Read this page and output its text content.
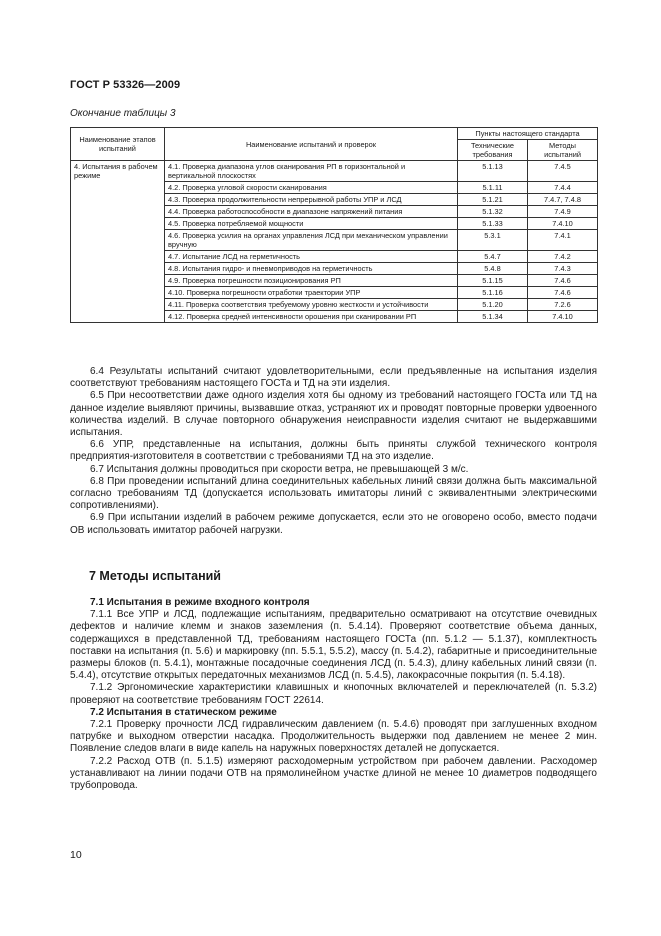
ГОСТ Р 53326—2009
Окончание таблицы 3
Наименование этапов испытаний	Наименование испытаний и проверок	Пункты настоящего стандарта	
		Технические требования	Методы испытаний
4. Испытания в рабочем режиме	4.1. Проверка диапазона углов сканирования РП в горизонтальной и вертикальной плоскостях	5.1.13	7.4.5
	4.2. Проверка угловой скорости сканирования	5.1.11	7.4.4
	4.3. Проверка продолжительности непрерывной работы УПР и ЛСД	5.1.21	7.4.7, 7.4.8
	4.4. Проверка работоспособности в диапазоне напряжений питания	5.1.32	7.4.9
	4.5. Проверка потребляемой мощности	5.1.33	7.4.10
	4.6. Проверка усилия на органах управления ЛСД при механическом управлении вручную	5.3.1	7.4.1
	4.7. Испытание ЛСД на герметичность	5.4.7	7.4.2
	4.8. Испытания гидро- и пневмоприводов на герметичность	5.4.8	7.4.3
	4.9. Проверка погрешности позиционирования РП	5.1.15	7.4.6
	4.10. Проверка погрешности отработки траектории УПР	5.1.16	7.4.6
	4.11. Проверка соответствия требуемому уровню жесткости и устойчивости	5.1.20	7.2.6
	4.12. Проверка средней интенсивности орошения при сканировании РП	5.1.34	7.4.10

6.4 Результаты испытаний считают удовлетворительными, если предъявленные на испытания изделия соответствуют требованиям настоящего ГОСТа и ТД на эти изделия.

6.5 При несоответствии даже одного изделия хотя бы одному из требований настоящего ГОСТа или ТД на данное изделие выявляют причины, вызвавшие отказ, устраняют их и проводят повторные проверки удвоенного количества изделий. В случае повторного обнаружения неисправности изделия считают не выдержавшими испытания.

6.6 УПР, представленные на испытания, должны быть приняты службой технического контроля предприятия-изготовителя в соответствии с требованиями ТД на это изделие.

6.7 Испытания должны проводиться при скорости ветра, не превышающей 3 м/с.

6.8 При проведении испытаний длина соединительных кабельных линий связи должна быть максимальной согласно требованиям ТД (допускается использовать имитаторы линий с эквивалентными электрическими сопротивлениями).

6.9 При испытании изделий в рабочем режиме допускается, если это не оговорено особо, вместо подачи ОВ использовать имитатор рабочей нагрузки.

7 Методы испытаний

7.1 Испытания в режиме входного контроля

7.1.1 Все УПР и ЛСД, подлежащие испытаниям, предварительно осматривают на отсутствие очевидных дефектов и наличие клемм и знаков заземления (п. 5.4.14). Проверяют соответствие объема данных, содержащихся в представленной ТД, требованиям настоящего ГОСТа (пп. 5.1.2 — 5.1.37), комплектность поставки на испытания (п. 5.6) и маркировку (пп. 5.5.1, 5.5.2), массу (п. 5.4.2), габаритные и присоединительные размеры блоков (п. 5.4.1), монтажные посадочные соединения ЛСД (п. 5.4.3), длину кабельных линий связи (п. 5.4.4), отсутствие открытых передаточных механизмов ЛСД (п. 5.4.5), лакокрасочные покрытия (п. 5.4.18).

7.1.2 Эргономические характеристики клавишных и кнопочных включателей и переключателей (п. 5.3.2) проверяют на соответствие требованиям ГОСТ 22614.

7.2 Испытания в статическом режиме

7.2.1 Проверку прочности ЛСД гидравлическим давлением (п. 5.4.6) проводят при заглушенных входном патрубке и выходном отверстии насадка. Продолжительность выдержки под давлением не менее 2 мин. Появление следов влаги в виде капель на наружных поверхностях деталей не допускается.

7.2.2 Расход ОТВ (п. 5.1.5) измеряют расходомерным устройством при рабочем давлении. Расходомер устанавливают на линии подачи ОТВ на прямолинейном участке длиной не менее 10 диаметров подводящего трубопровода.

10
